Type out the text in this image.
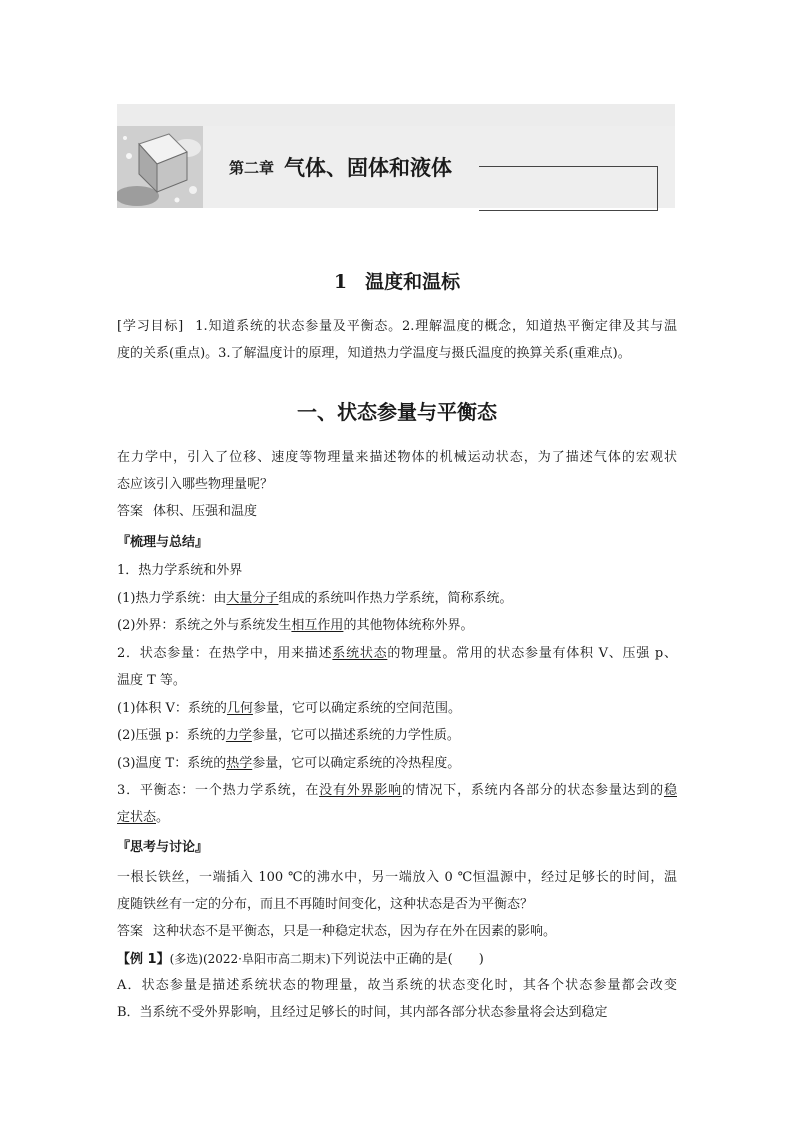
第二章 气体、固体和液体
1 温度和温标
[学习目标] 1.知道系统的状态参量及平衡态。2.理解温度的概念，知道热平衡定律及其与温
度的关系(重点)。3.了解温度计的原理，知道热力学温度与摄氏温度的换算关系(重难点)。
一、状态参量与平衡态
在力学中，引入了位移、速度等物理量来描述物体的机械运动状态，为了描述气体的宏观状
态应该引入哪些物理量呢？
答案 体积、压强和温度
『梳理与总结』
1．热力学系统和外界
(1)热力学系统：由大量分子组成的系统叫作热力学系统，简称系统。
(2)外界：系统之外与系统发生相互作用的其他物体统称外界。
2．状态参量：在热学中，用来描述系统状态的物理量。常用的状态参量有体积 V、压强 p、
温度 T 等。
(1)体积 V：系统的几何参量，它可以确定系统的空间范围。
(2)压强 p：系统的力学参量，它可以描述系统的力学性质。
(3)温度 T：系统的热学参量，它可以确定系统的冷热程度。
3．平衡态：一个热力学系统，在没有外界影响的情况下，系统内各部分的状态参量达到的稳
定状态。
『思考与讨论』
一根长铁丝，一端插入 100 ℃的沸水中，另一端放入 0 ℃恒温源中，经过足够长的时间，温
度随铁丝有一定的分布，而且不再随时间变化，这种状态是否为平衡态？
答案 这种状态不是平衡态，只是一种稳定状态，因为存在外在因素的影响。
【例 1】(多选)(2022·阜阳市高二期末)下列说法中正确的是(　　)
A．状态参量是描述系统状态的物理量，故当系统的状态变化时，其各个状态参量都会改变
B．当系统不受外界影响，且经过足够长的时间，其内部各部分状态参量将会达到稳定
